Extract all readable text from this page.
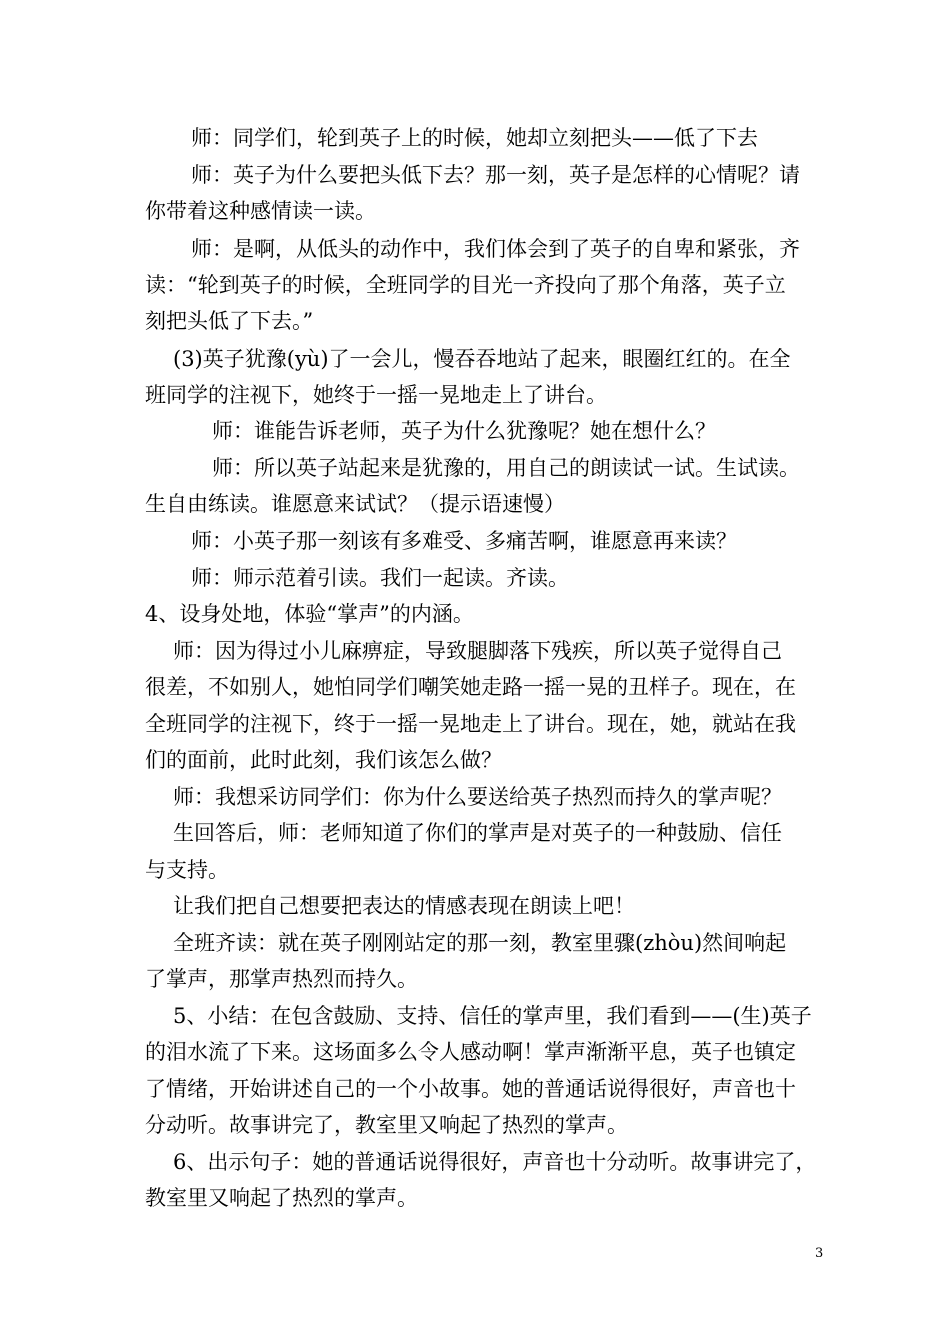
师：同学们，轮到英子上的时候，她却立刻把头——低了下去
师：英子为什么要把头低下去？那一刻，英子是怎样的心情呢？请
你带着这种感情读一读。
师：是啊，从低头的动作中，我们体会到了英子的自卑和紧张，齐
读：“轮到英子的时候，全班同学的目光一齐投向了那个角落，英子立
刻把头低了下去。”
(3)英子犹豫(yù)了一会儿，慢吞吞地站了起来，眼圈红红的。在全
班同学的注视下，她终于一摇一晃地走上了讲台。
师：谁能告诉老师，英子为什么犹豫呢？她在想什么？
师：所以英子站起来是犹豫的，用自己的朗读试一试。生试读。
生自由练读。谁愿意来试试？（提示语速慢）
师：小英子那一刻该有多难受、多痛苦啊，谁愿意再来读？
师：师示范着引读。我们一起读。齐读。
4、设身处地，体验“掌声”的内涵。
师：因为得过小儿麻痹症，导致腿脚落下残疾，所以英子觉得自己
很差，不如别人，她怕同学们嘲笑她走路一摇一晃的丑样子。现在，在
全班同学的注视下，终于一摇一晃地走上了讲台。现在，她，就站在我
们的面前，此时此刻，我们该怎么做？
师：我想采访同学们：你为什么要送给英子热烈而持久的掌声呢？
生回答后，师：老师知道了你们的掌声是对英子的一种鼓励、信任
与支持。
让我们把自己想要把表达的情感表现在朗读上吧！
全班齐读：就在英子刚刚站定的那一刻，教室里骤(zhòu)然间响起
了掌声，那掌声热烈而持久。
5、小结：在包含鼓励、支持、信任的掌声里，我们看到——(生)英子
的泪水流了下来。这场面多么令人感动啊！掌声渐渐平息，英子也镇定
了情绪，开始讲述自己的一个小故事。她的普通话说得很好，声音也十
分动听。故事讲完了，教室里又响起了热烈的掌声。
6、出示句子：她的普通话说得很好，声音也十分动听。故事讲完了，
教室里又响起了热烈的掌声。
3
